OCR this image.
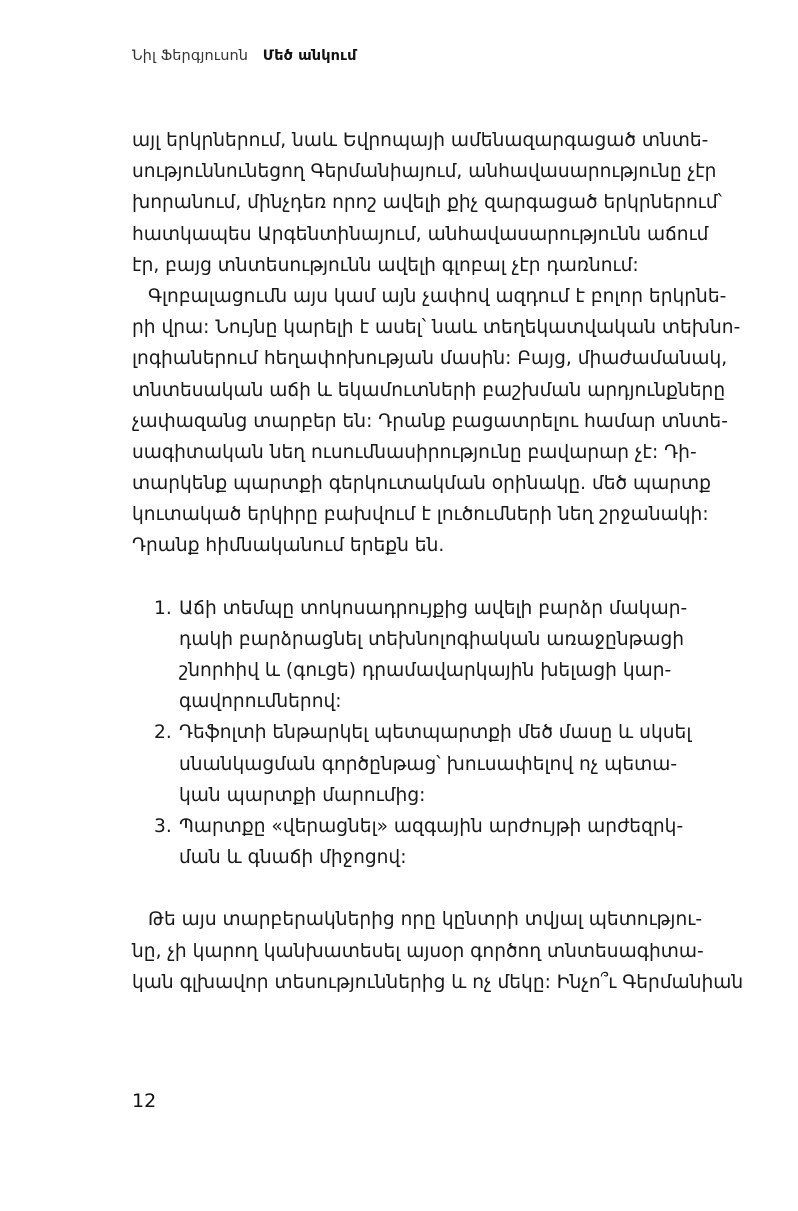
Նիլ Ֆերգյուսոն Մեծ անկում
այլ երկրներում, նաև Եվրոպայի ամենազարգացած տնտե-
սություննունեցող Գերմանիայում, անհավասարությունը չէր
խորանում, մինչդեռ որոշ ավելի քիչ զարգացած երկրներում՝
հատկապես Արգենտինայում, անհավասարությունն աճում
էր, բայց տնտեսությունն ավելի գլոբալ չէր դառնում:
Գլոբալացումն այս կամ այն չափով ազդում է բոլոր երկրնե-
րի վրա: Նույնը կարելի է ասել՝ նաև տեղեկատվական տեխնո-
լոգիաներում հեղափոխության մասին: Բայց, միաժամանակ,
տնտեսական աճի և եկամուտների բաշխման արդյունքները
չափազանց տարբեր են: Դրանք բացատրելու համար տնտե-
սագիտական նեղ ուսումնասիրությունը բավարար չէ: Դի-
տարկենք պարտքի գերկուտակման օրինակը. մեծ պարտք
կուտակած երկիրը բախվում է լուծումների նեղ շրջանակի:
Դրանք հիմնականում երեքն են.
1. Աճի տեմպը տոկոսադրույքից ավելի բարձր մակար-
դակի բարձրացնել տեխնոլոգիական առաջընթացի
շնորհիվ և (գուցե) դրամավարկային խելացի կար-
գավորումներով:
2. Դեֆոլտի ենթարկել պետպարտքի մեծ մասը և սկսել
սնանկացման գործընթաց՝ խուսափելով ոչ պետա-
կան պարտքի մարումից:
3. Պարտքը «վերացնել» ազգային արժույթի արժեզրկ-
ման և գնաճի միջոցով:
Թե այս տարբերակներից որը կընտրի տվյալ պետությու-
նը, չի կարող կանխատեսել այսօր գործող տնտեսագիտա-
կան գլխավոր տեսություններից և ոչ մեկը: Ինչո՞ւ Գերմանիան
12
